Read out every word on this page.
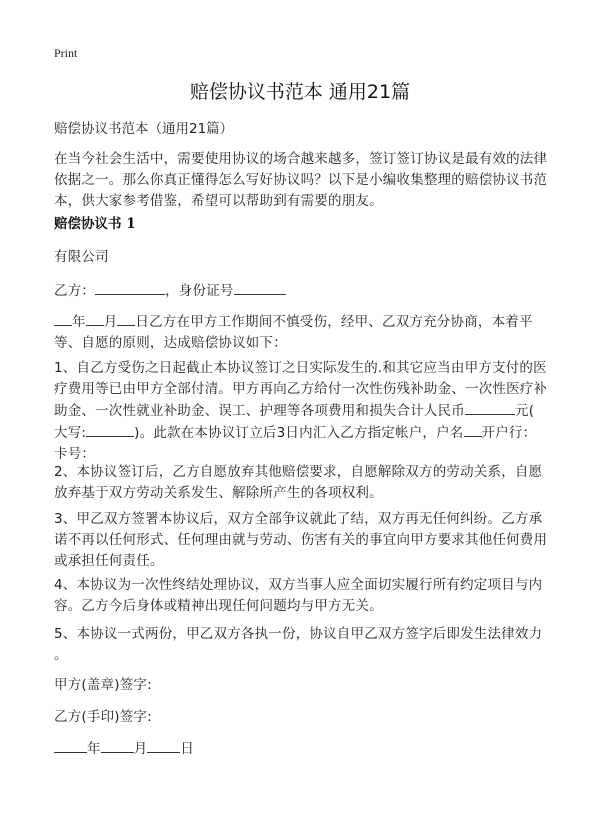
Print
赔偿协议书范本 通用21篇

赔偿协议书范本（通用21篇）

在当今社会生活中，需要使用协议的场合越来越多，签订签订协议是最有效的法律
依据之一。那么你真正懂得怎么写好协议吗？以下是小编收集整理的赔偿协议书范
本，供大家参考借鉴，希望可以帮助到有需要的朋友。
赔偿协议书 1
有限公司
乙方：	，身份证号
年 月 日乙方在甲方工作期间不慎受伤，经甲、乙双方充分协商，本着平
等、自愿的原则，达成赔偿协议如下：
1、自乙方受伤之日起截止本协议签订之日实际发生的.和其它应当由甲方支付的医
疗费用等已由甲方全部付清。甲方再向乙方给付一次性伤残补助金、一次性医疗补
助金、一次性就业补助金、误工、护理等各项费用和损失合计人民币	元(
大写:	)。此款在本协议订立后3日内汇入乙方指定帐户，户名 开户行：
卡号：
2、本协议签订后，乙方自愿放弃其他赔偿要求，自愿解除双方的劳动关系，自愿
放弃基于双方劳动关系发生、解除所产生的各项权利。
3、甲乙双方签署本协议后，双方全部争议就此了结，双方再无任何纠纷。乙方承
诺不再以任何形式、任何理由就与劳动、伤害有关的事宜向甲方要求其他任何费用
或承担任何责任。
4、本协议为一次性终结处理协议，双方当事人应全面切实履行所有约定项目与内
容。乙方今后身体或精神出现任何问题均与甲方无关。
5、本协议一式两份，甲乙双方各执一份，协议自甲乙双方签字后即发生法律效力
。
甲方(盖章)签字:
乙方(手印)签字:
年 月 日
